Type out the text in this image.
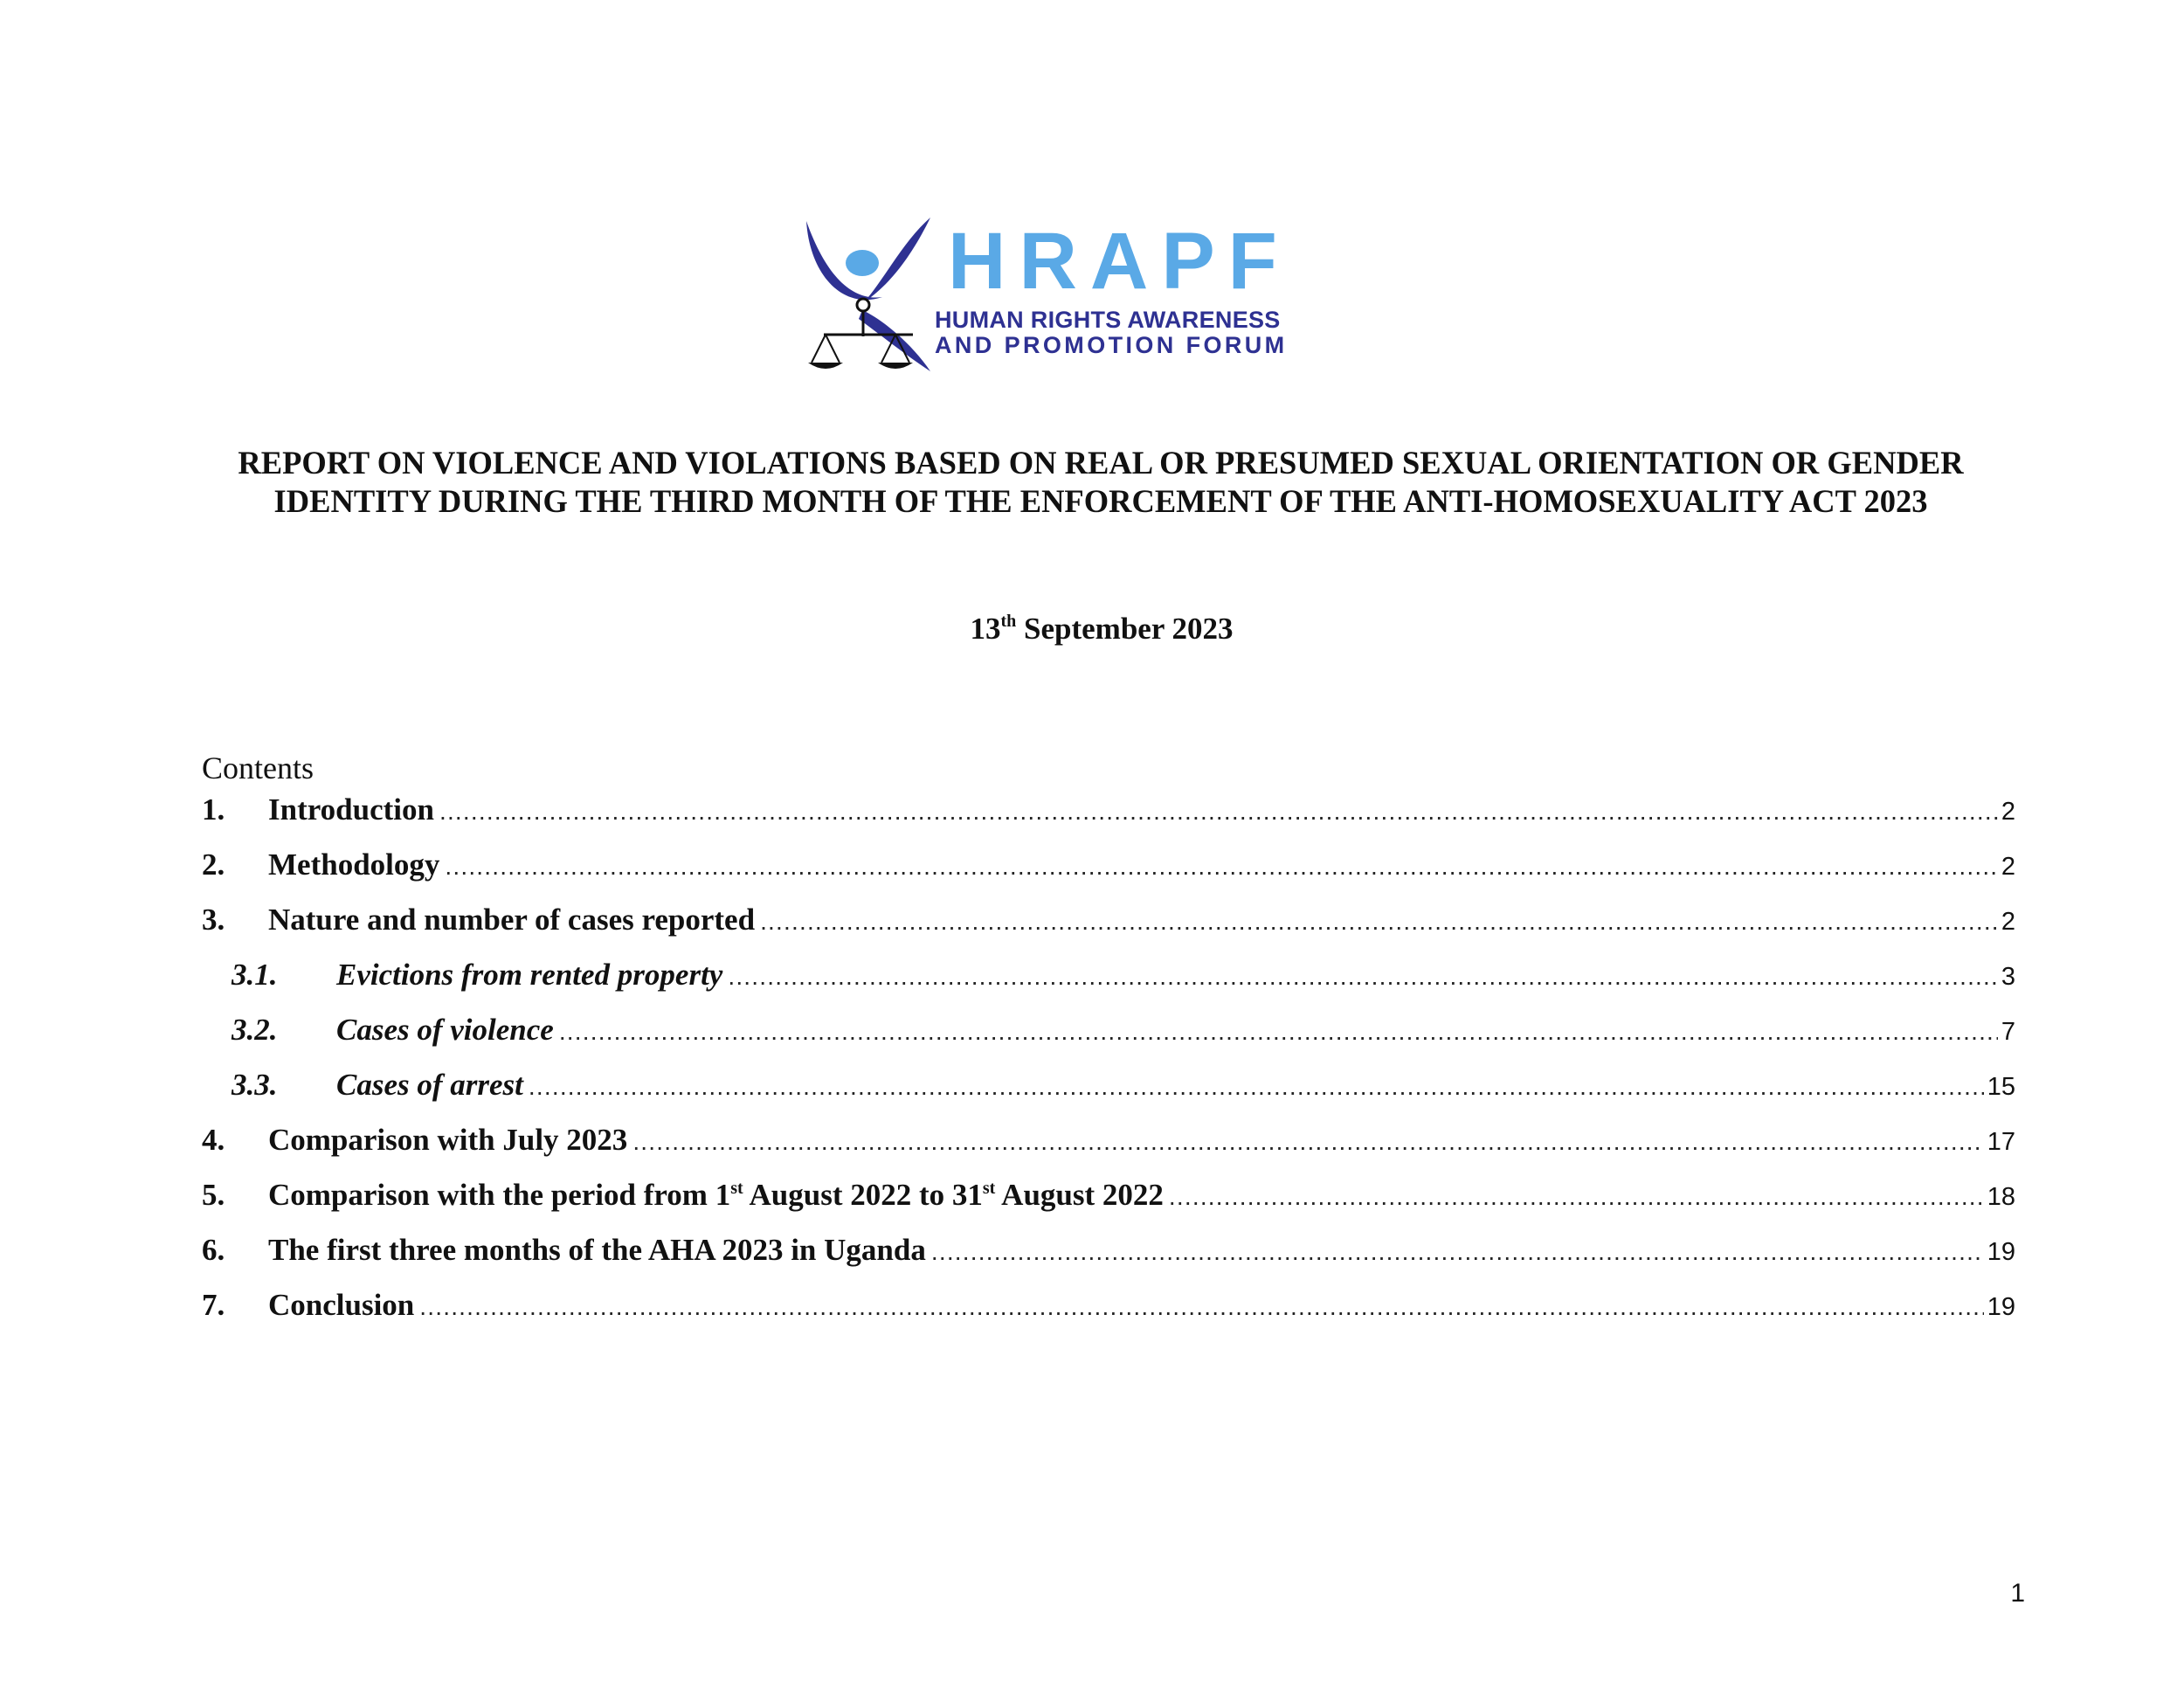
HRAPF
HUMAN RIGHTS AWARENESS
AND PROMOTION FORUM
REPORT ON VIOLENCE AND VIOLATIONS BASED ON REAL OR PRESUMED SEXUAL ORIENTATION OR GENDER
IDENTITY DURING THE THIRD MONTH OF THE ENFORCEMENT OF THE ANTI-HOMOSEXUALITY ACT 2023

13th September 2023

Contents
1.	Introduction .....	2
2.	Methodology .....	2
3.	Nature and number of cases reported .....	2
3.1.	Evictions from rented property .....	3
3.2.	Cases of violence .....	7
3.3.	Cases of arrest .....	15
4.	Comparison with July 2023 .....	17
5.	Comparison with the period from 1st August 2022 to 31st August 2022 .....	18
6.	The first three months of the AHA 2023 in Uganda .....	19
7.	Conclusion .....	19
1
